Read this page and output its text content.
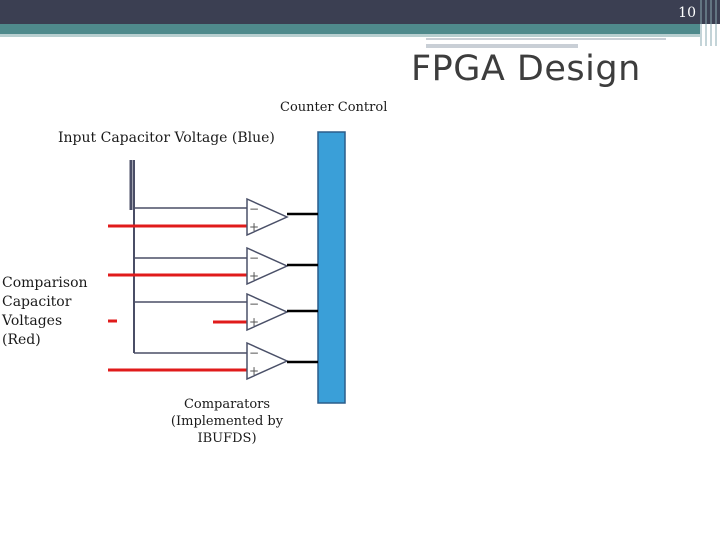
10
FPGA Design
−
+
−
+
−
+
−
+
Counter Control
Input Capacitor Voltage (Blue)
Comparison
Capacitor
Voltages
(Red)
Comparators
(Implemented by
IBUFDS)
